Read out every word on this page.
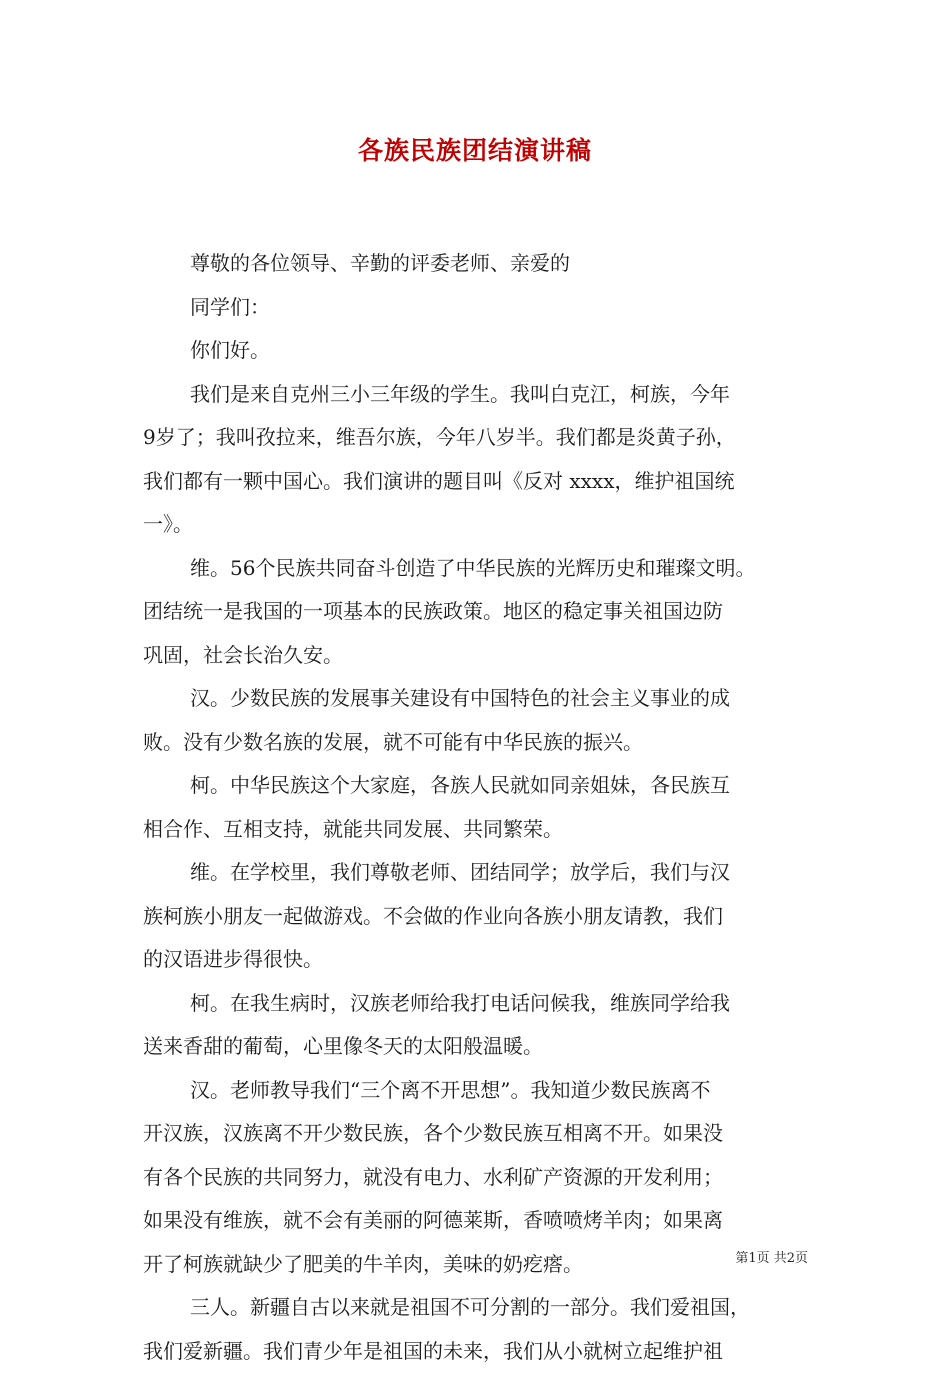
各族民族团结演讲稿
尊敬的各位领导、辛勤的评委老师、亲爱的
同学们：
你们好。
我们是来自克州三小三年级的学生。我叫白克江，柯族，今年
9岁了；我叫孜拉来，维吾尔族，今年八岁半。我们都是炎黄子孙，
我们都有一颗中国心。我们演讲的题目叫《反对 xxxx，维护祖国统
一》。
维。56个民族共同奋斗创造了中华民族的光辉历史和璀璨文明。
团结统一是我国的一项基本的民族政策。地区的稳定事关祖国边防
巩固，社会长治久安。
汉。少数民族的发展事关建设有中国特色的社会主义事业的成
败。没有少数名族的发展，就不可能有中华民族的振兴。
柯。中华民族这个大家庭，各族人民就如同亲姐妹，各民族互
相合作、互相支持，就能共同发展、共同繁荣。
维。在学校里，我们尊敬老师、团结同学；放学后，我们与汉
族柯族小朋友一起做游戏。不会做的作业向各族小朋友请教，我们
的汉语进步得很快。
柯。在我生病时，汉族老师给我打电话问候我，维族同学给我
送来香甜的葡萄，心里像冬天的太阳般温暖。
汉。老师教导我们“三个离不开思想”。我知道少数民族离不
开汉族，汉族离不开少数民族，各个少数民族互相离不开。如果没
有各个民族的共同努力，就没有电力、水利矿产资源的开发利用；
如果没有维族，就不会有美丽的阿德莱斯，香喷喷烤羊肉；如果离
开了柯族就缺少了肥美的牛羊肉，美味的奶疙瘩。
三人。新疆自古以来就是祖国不可分割的一部分。我们爱祖国，
我们爱新疆。我们青少年是祖国的未来，我们从小就树立起维护祖
第1页 共2页
